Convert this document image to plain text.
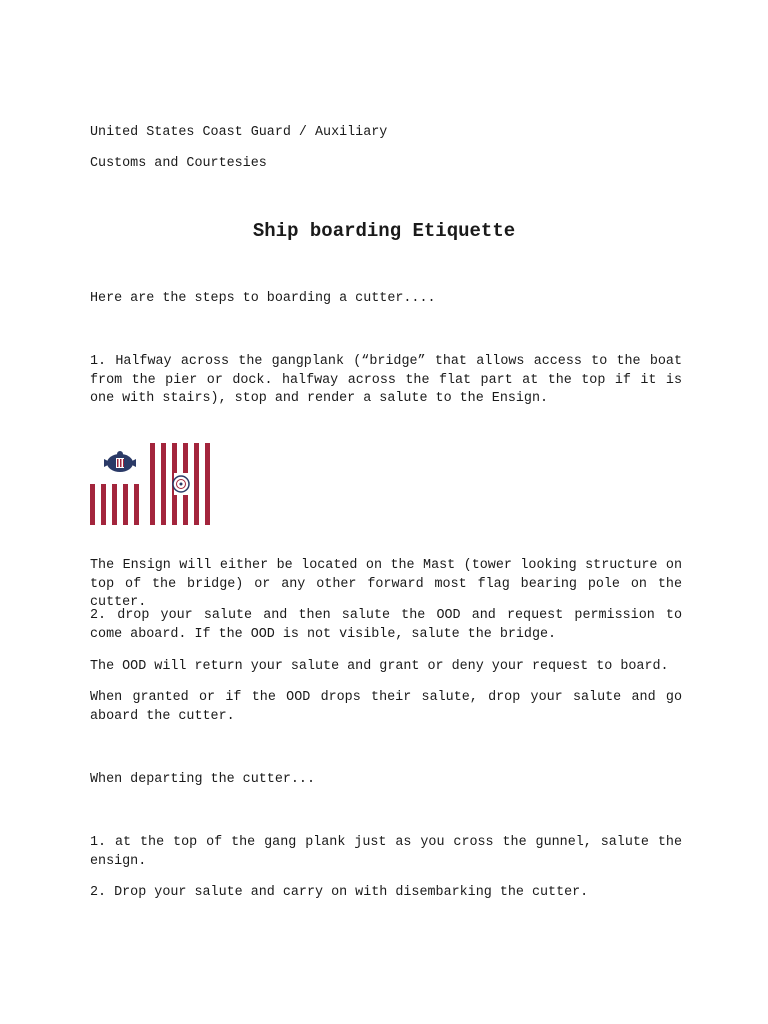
United States Coast Guard / Auxiliary

Customs and Courtesies

Ship boarding Etiquette

Here are the steps to boarding a cutter....

1. Halfway across the gangplank (“bridge” that allows access to the boat from the pier or dock. halfway across the flat part at the top if it is one with stairs), stop and render a salute to the Ensign.

The Ensign will either be located on the Mast (tower looking structure on top of the bridge) or any other forward most flag bearing pole on the cutter.

2. drop your salute and then salute the OOD and request permission to come aboard. If the OOD is not visible, salute the bridge.

The OOD will return your salute and grant or deny your request to board.

When granted or if the OOD drops their salute, drop your salute and go aboard the cutter.

When departing the cutter...

1. at the top of the gang plank just as you cross the gunnel, salute the ensign.

2. Drop your salute and carry on with disembarking the cutter.
